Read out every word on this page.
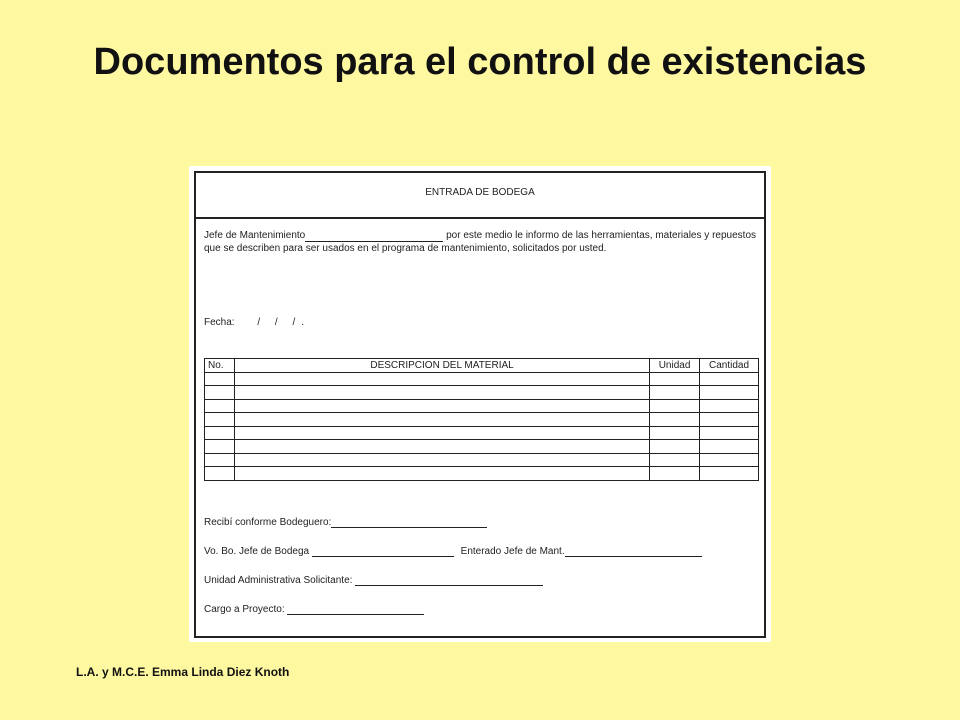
Documentos para el control de existencias
ENTRADA DE BODEGA
Jefe de Mantenimiento	por este medio le informo de las herramientas, materiales y repuestos que se describen para ser usados en el programa de mantenimiento, solicitados por usted.
Fecha: / / /.
No.	DESCRIPCION DEL MATERIAL	Unidad	Cantidad

Recibí conforme Bodeguero:
Vo. Bo. Jefe de Bodega	Enterado Jefe de Mant.
Unidad Administrativa Solicitante:
Cargo a Proyecto:
L.A. y M.C.E. Emma Linda Diez Knoth
